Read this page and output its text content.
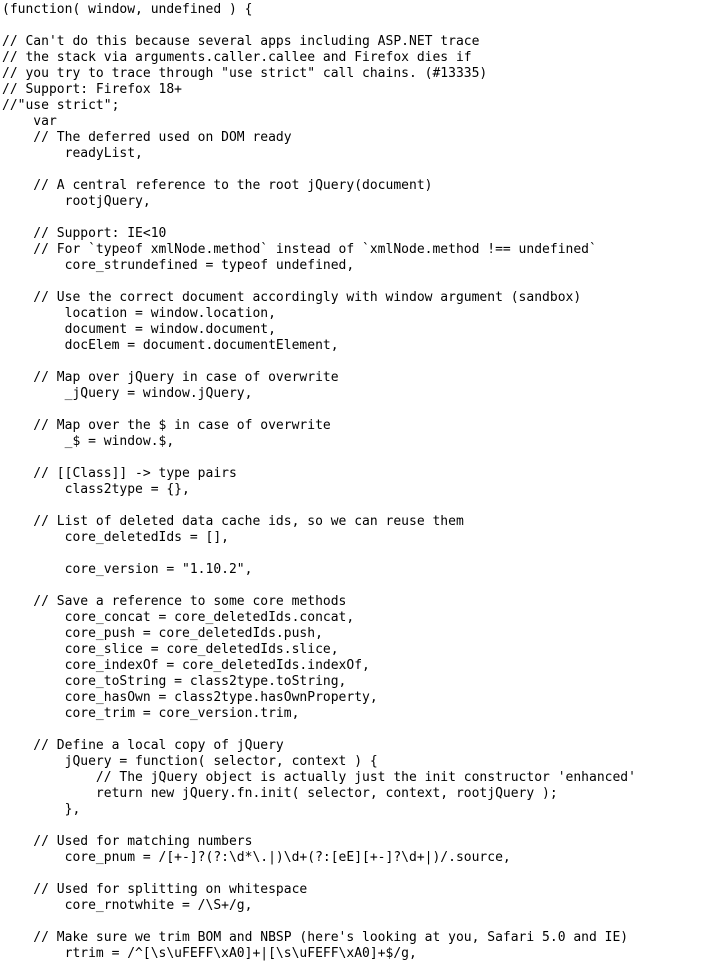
(function( window, undefined ) {
// Can't do this because several apps including ASP.NET trace
// the stack via arguments.caller.callee and Firefox dies if
// you try to trace through "use strict" call chains. (#13335)
// Support: Firefox 18+
//"use strict";
var
// The deferred used on DOM ready
readyList,
// A central reference to the root jQuery(document)
rootjQuery,
// Support: IE<10
// For `typeof xmlNode.method` instead of `xmlNode.method !== undefined`
core_strundefined = typeof undefined,
// Use the correct document accordingly with window argument (sandbox)
location = window.location,
document = window.document,
docElem = document.documentElement,
// Map over jQuery in case of overwrite
_jQuery = window.jQuery,
// Map over the $ in case of overwrite
_$ = window.$,
// [[Class]] -> type pairs
class2type = {},
// List of deleted data cache ids, so we can reuse them
core_deletedIds = [],
core_version = "1.10.2",
// Save a reference to some core methods
core_concat = core_deletedIds.concat,
core_push = core_deletedIds.push,
core_slice = core_deletedIds.slice,
core_indexOf = core_deletedIds.indexOf,
core_toString = class2type.toString,
core_hasOwn = class2type.hasOwnProperty,
core_trim = core_version.trim,
// Define a local copy of jQuery
jQuery = function( selector, context ) {
// The jQuery object is actually just the init constructor 'enhanced'
return new jQuery.fn.init( selector, context, rootjQuery );
},
// Used for matching numbers
core_pnum = /[+-]?(?:\d*\.|)\d+(?:[eE][+-]?\d+|)/.source,
// Used for splitting on whitespace
core_rnotwhite = /\S+/g,
// Make sure we trim BOM and NBSP (here's looking at you, Safari 5.0 and IE)
rtrim = /^[\s\uFEFF\xA0]+|[\s\uFEFF\xA0]+$/g,
